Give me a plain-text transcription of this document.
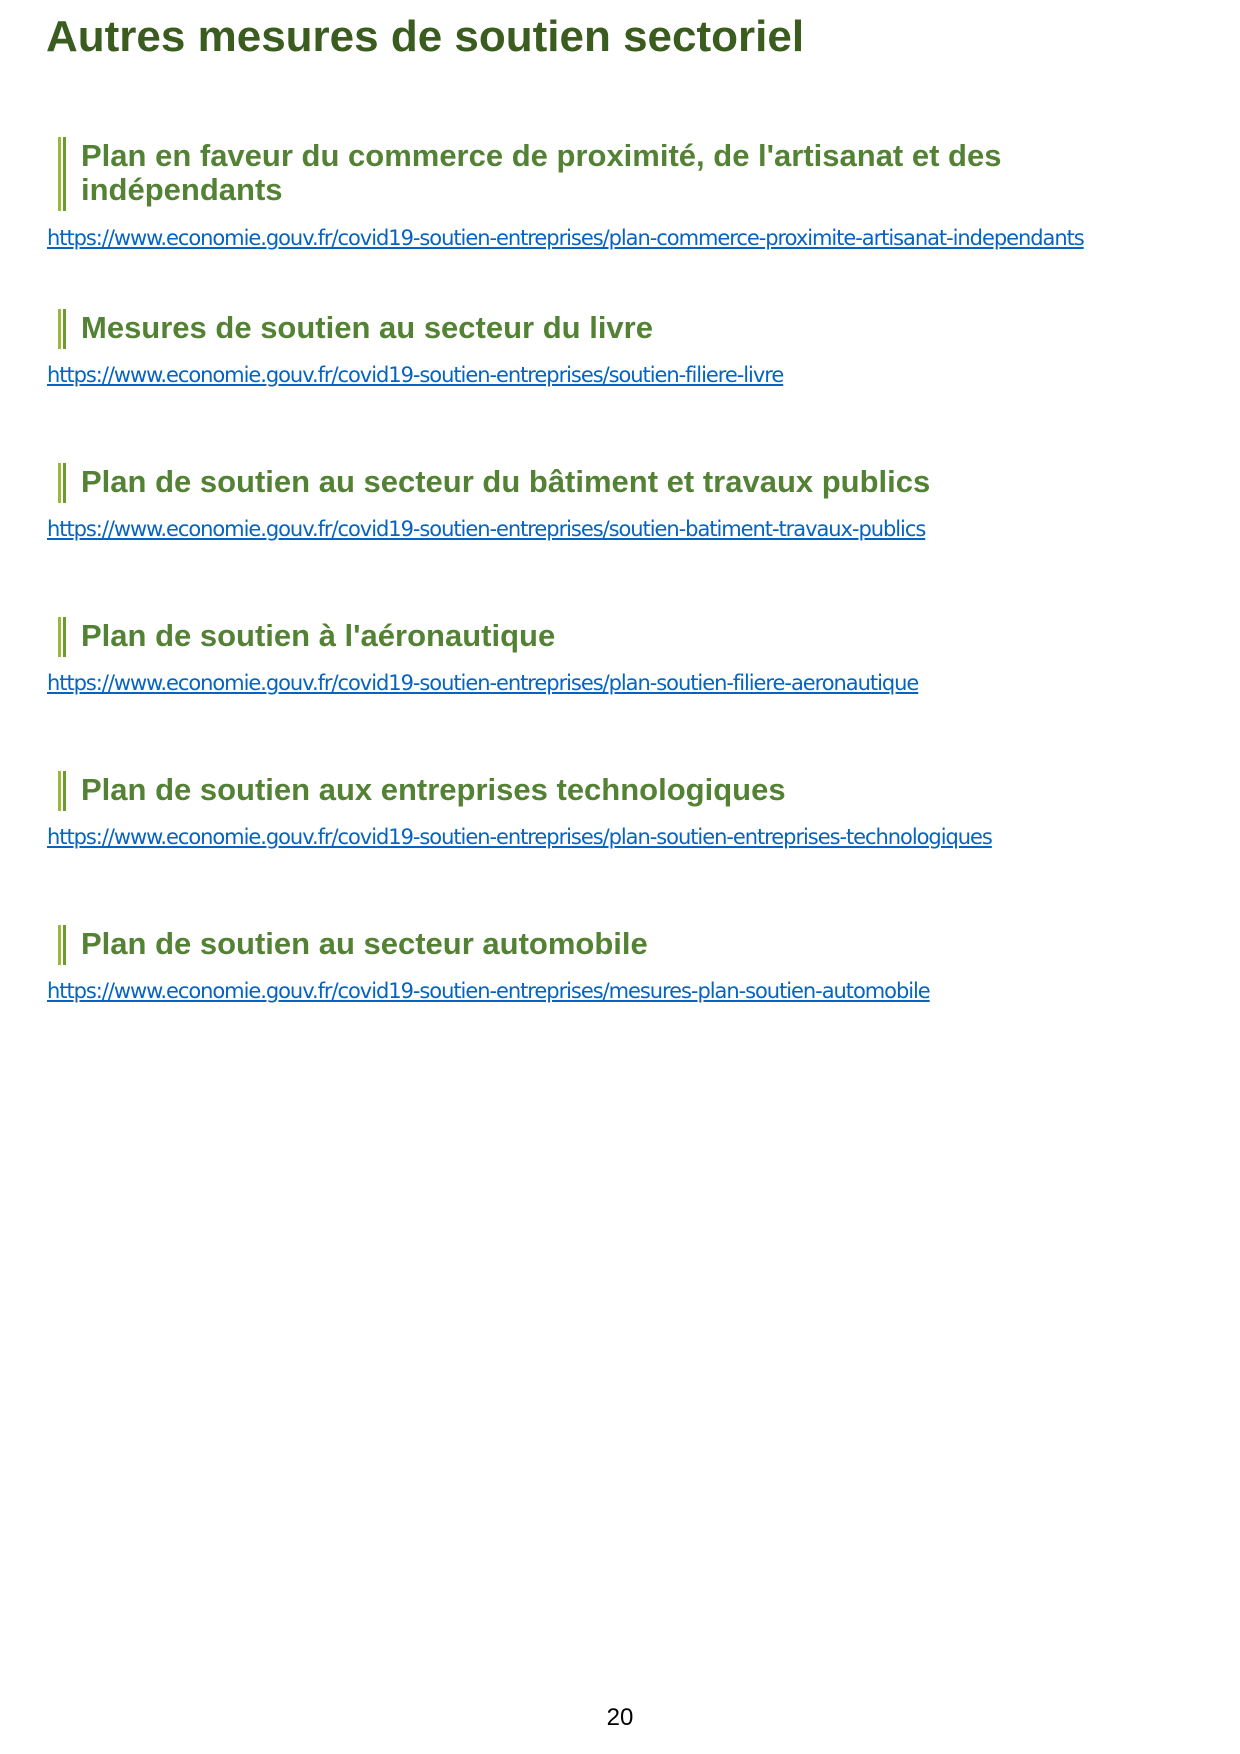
Autres mesures de soutien sectoriel
Plan en faveur du commerce de proximité, de l'artisanat et des indépendants
https://www.economie.gouv.fr/covid19-soutien-entreprises/plan-commerce-proximite-artisanat-independants
Mesures de soutien au secteur du livre
https://www.economie.gouv.fr/covid19-soutien-entreprises/soutien-filiere-livre
Plan de soutien au secteur du bâtiment et travaux publics
https://www.economie.gouv.fr/covid19-soutien-entreprises/soutien-batiment-travaux-publics
Plan de soutien à l'aéronautique
https://www.economie.gouv.fr/covid19-soutien-entreprises/plan-soutien-filiere-aeronautique
Plan de soutien aux entreprises technologiques
https://www.economie.gouv.fr/covid19-soutien-entreprises/plan-soutien-entreprises-technologiques
Plan de soutien au secteur automobile
https://www.economie.gouv.fr/covid19-soutien-entreprises/mesures-plan-soutien-automobile
20
